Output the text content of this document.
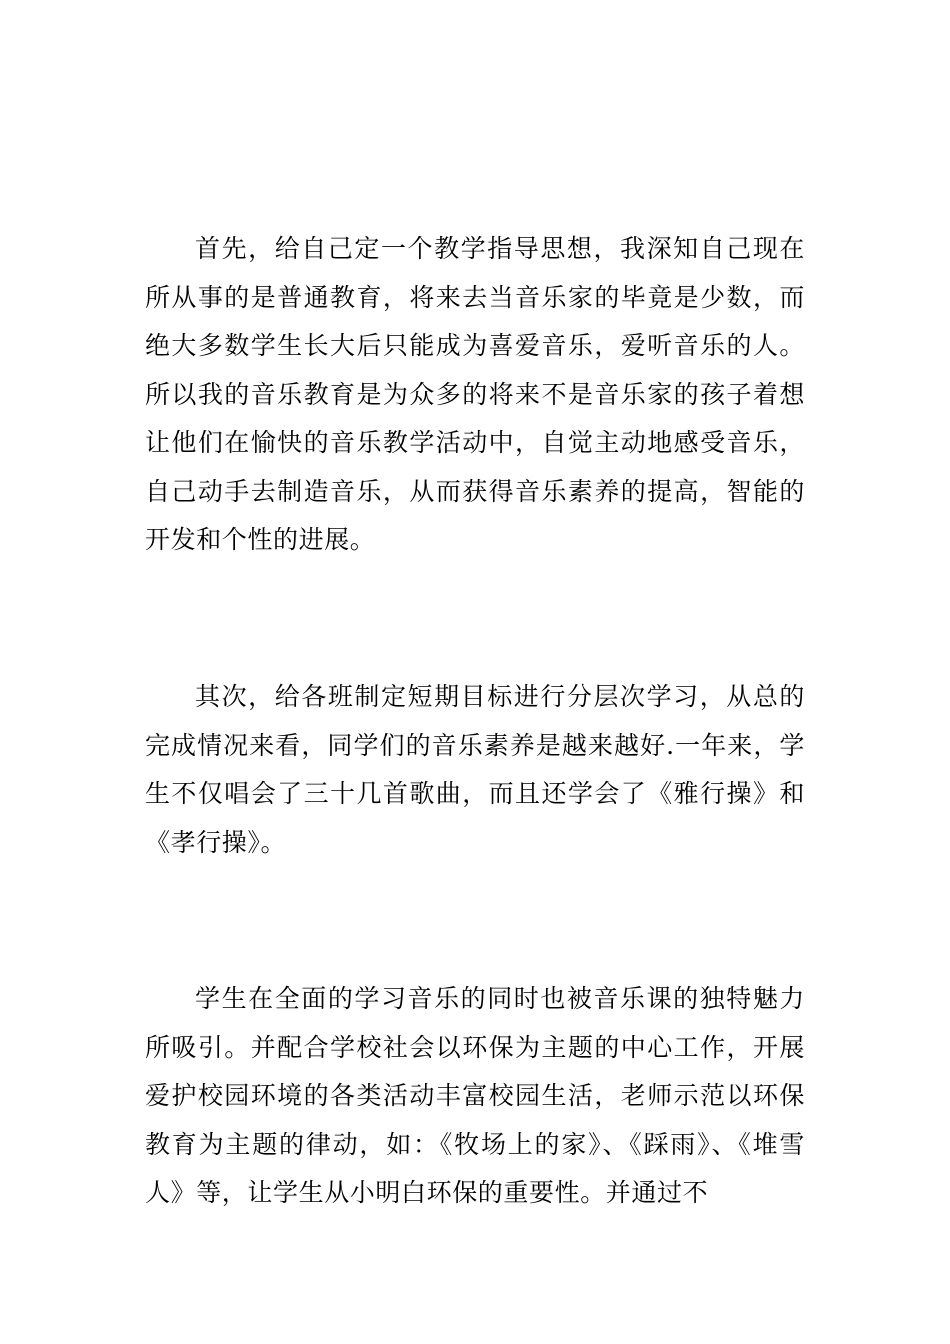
首先，给自己定一个教学指导思想，我深知自己现在所从事的是普通教育，将来去当音乐家的毕竟是少数，而绝大多数学生长大后只能成为喜爱音乐，爱听音乐的人。所以我的音乐教育是为众多的将来不是音乐家的孩子着想让他们在愉快的音乐教学活动中，自觉主动地感受音乐，自己动手去制造音乐，从而获得音乐素养的提高，智能的开发和个性的进展。

其次，给各班制定短期目标进行分层次学习，从总的完成情况来看，同学们的音乐素养是越来越好.一年来，学生不仅唱会了三十几首歌曲，而且还学会了《雅行操》和《孝行操》。

学生在全面的学习音乐的同时也被音乐课的独特魅力所吸引。并配合学校社会以环保为主题的中心工作，开展爱护校园环境的各类活动丰富校园生活，老师示范以环保教育为主题的律动，如：《牧场上的家》、《踩雨》、《堆雪人》等，让学生从小明白环保的重要性。并通过不
